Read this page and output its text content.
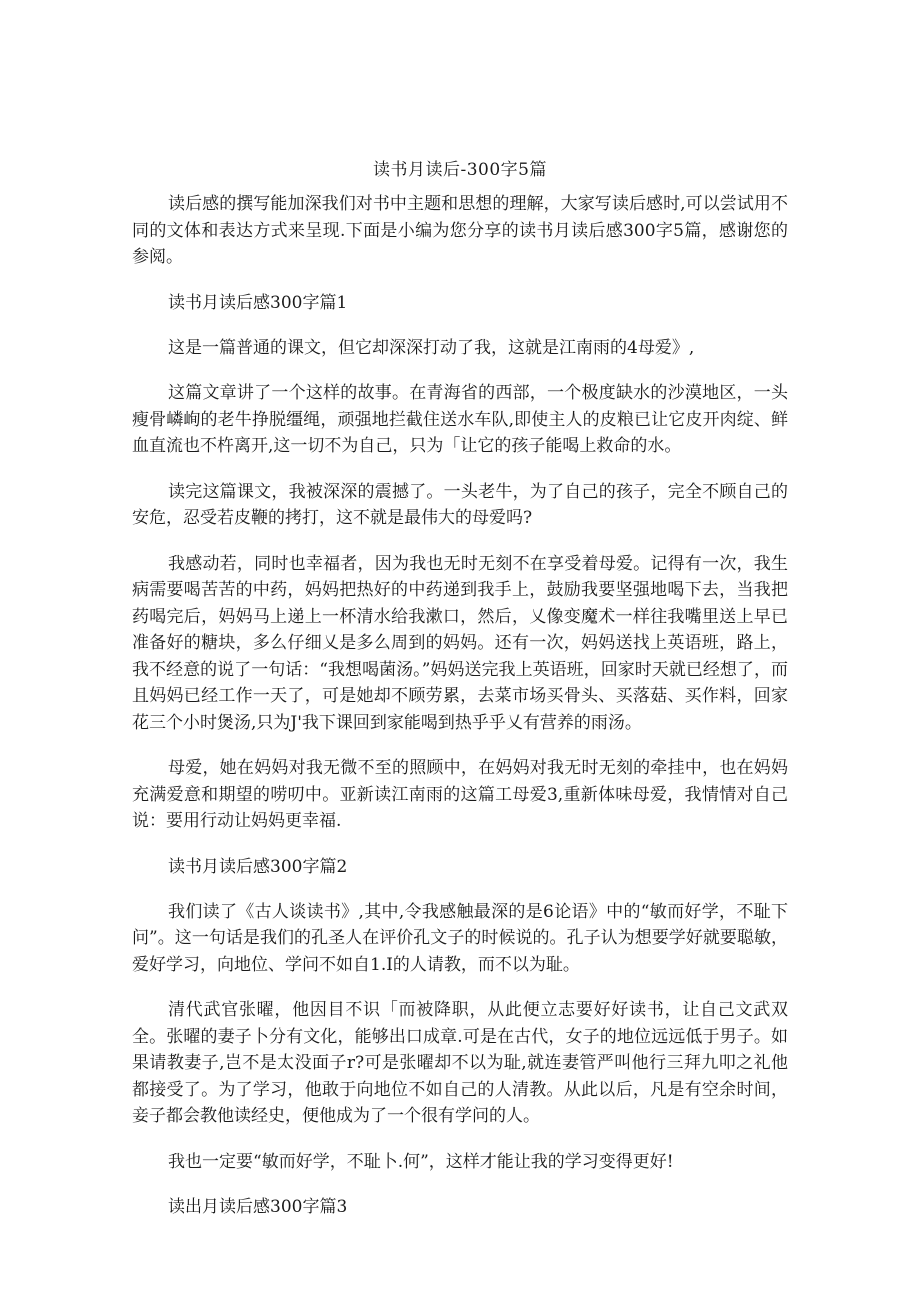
读书月读后-300字5篇

读后感的撰写能加深我们对书中主题和思想的理解，大家写读后感时,可以尝试用不同的文体和表达方式来呈现.下面是小编为您分享的读书月读后感300字5篇，感谢您的参阅。

读书月读后感300字篇1

这是一篇普通的课文，但它却深深打动了我，这就是江南雨的4母爱》,

这篇文章讲了一个这样的故事。在青海省的西部，一个极度缺水的沙漠地区，一头瘦骨嶙峋的老牛挣脱缰绳，顽强地拦截住送水车队,即使主人的皮粮已让它皮开肉绽、鲜血直流也不杵离开,这一切不为自己，只为「让它的孩子能喝上救命的水。

读完这篇课文，我被深深的震撼了。一头老牛，为了自己的孩子，完全不顾自己的安危，忍受若皮鞭的拷打，这不就是最伟大的母爱吗?

我感动若，同时也幸福者，因为我也无时无刻不在享受着母爱。记得有一次，我生病需要喝苦苦的中药，妈妈把热好的中药递到我手上，鼓励我要坚强地喝下去，当我把药喝完后，妈妈马上递上一杯清水给我漱口，然后，乂像变魔术一样往我嘴里送上早已准备好的糖块，多么仔细乂是多么周到的妈妈。还有一次，妈妈送找上英语班，路上，我不经意的说了一句话：“我想喝菌汤。”妈妈送完我上英语班，回家时天就已经想了，而且妈妈已经工作一天了，可是她却不顾劳累，去菜市场买骨头、买落菇、买作料，回家花三个小时煲汤,只为J'我下课回到家能喝到热乎乎乂有营养的雨汤。

母爱，她在妈妈对我无微不至的照顾中，在妈妈对我无时无刻的牵挂中，也在妈妈充满爱意和期望的唠叨中。亚新读江南雨的这篇工母爱3,重新体味母爱，我情情对自己说：要用行动让妈妈更幸福.

读书月读后感300字篇2

我们读了《古人谈读书》,其中,令我感触最深的是6论语》中的“敏而好学，不耻下问”。这一句话是我们的孔圣人在评价孔文子的时候说的。孔子认为想要学好就要聪敏，爱好学习，向地位、学问不如自1.I的人请教，而不以为耻。

清代武官张曜，他因目不识「而被降职，从此便立志要好好读书，让自己文武双全。张曜的妻子卜分有文化，能够出口成章.可是在古代，女子的地位远远低于男子。如果请教妻子,岂不是太没面子r?可是张曜却不以为耻,就连妻管严叫他行三拜九叩之礼他都接受了。为了学习，他敢于向地位不如自己的人清教。从此以后，凡是有空余时间，妾子都会教他读经史，便他成为了一个很有学问的人。

我也一定要“敏而好学，不耻卜.何”，这样才能让我的学习变得更好!

读出月读后感300字篇3
